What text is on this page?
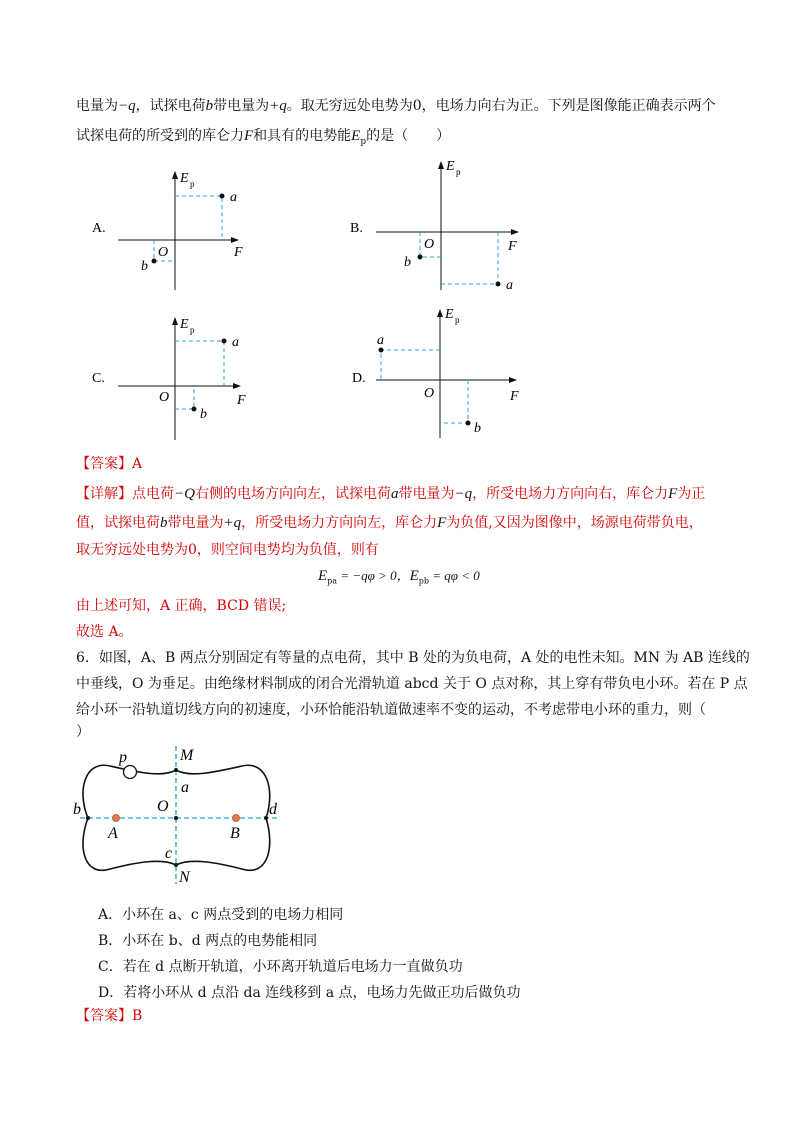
电量为−q，试探电荷b带电量为+q。取无穷远处电势为0，电场力向右为正。下列是图像能正确表示两个
试探电荷的所受到的库仑力F和具有的电势能$E_p$的是（　　）
A.
E p
F
O
a
b
B.
E p
F
O
a
b
C.
E p
F
O
a
b
D.
E p
F
O
a
b
【答案】A
【详解】点电荷−Q右侧的电场方向向左，试探电荷a带电量为−q，所受电场力方向向右，库仑力F为正
值，试探电荷b带电量为+q，所受电场力方向向左，库仑力F为负值,又因为图像中，场源电荷带负电，
取无穷远处电势为0，则空间电势均为负值，则有
$E_{pa} = -q\varphi > 0$，$E_{pb} = q\varphi < 0$
由上述可知，A 正确，BCD 错误;
故选 A。
6．如图，A、B 两点分别固定有等量的点电荷，其中 B 处的为负电荷，A 处的电性未知。MN 为 AB 连线的
中垂线，O 为垂足。由绝缘材料制成的闭合光滑轨道 abcd 关于 O 点对称，其上穿有带负电小环。若在 P 点
给小环一沿轨道切线方向的初速度，小环恰能沿轨道做速率不变的运动，不考虑带电小环的重力，则（
）
p	M
a
b	O	d
A	B
c
N
A．小环在 a、c 两点受到的电场力相同
B．小环在 b、d 两点的电势能相同
C．若在 d 点断开轨道，小环离开轨道后电场力一直做负功
D．若将小环从 d 点沿 da 连线移到 a 点，电场力先做正功后做负功
【答案】B
